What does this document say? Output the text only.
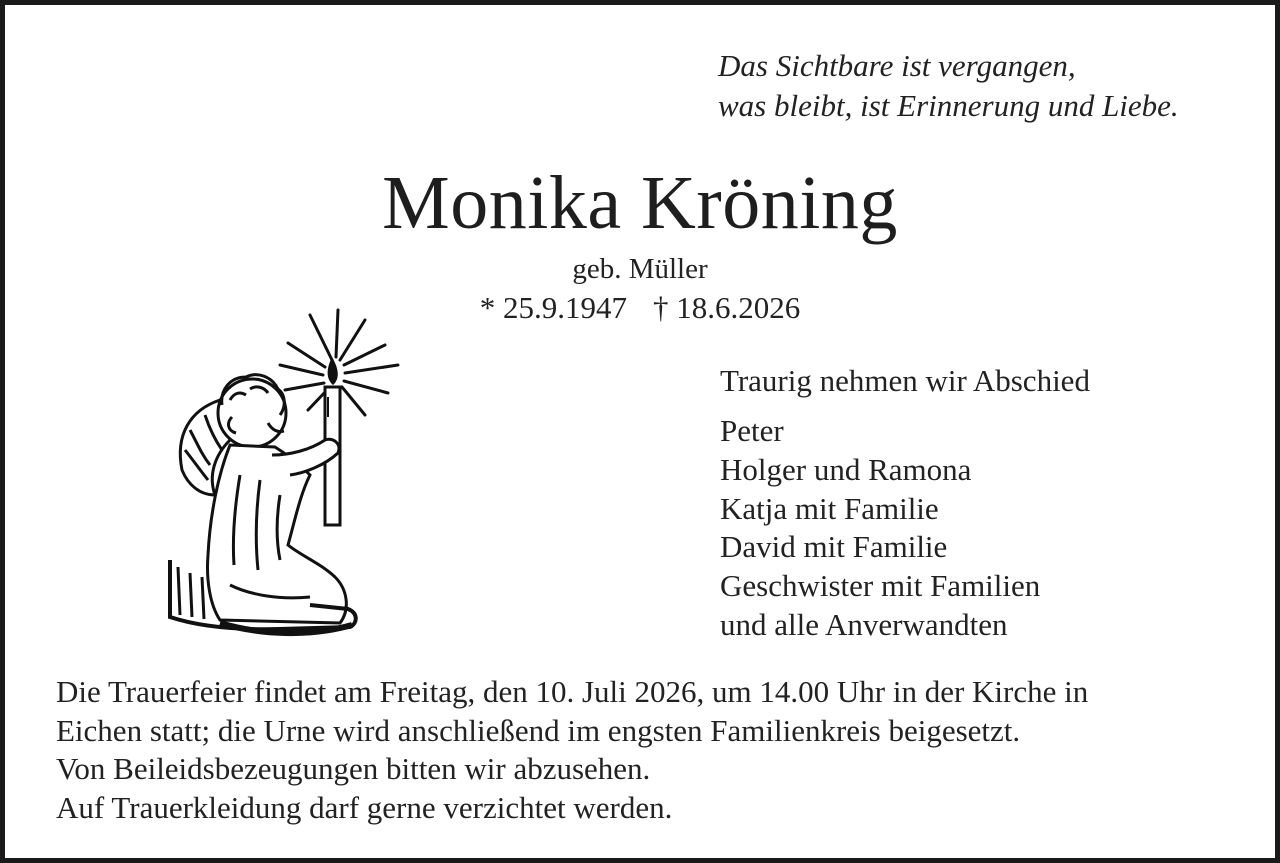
Das Sichtbare ist vergangen,
was bleibt, ist Erinnerung und Liebe.
Monika Kröning
geb. Müller
* 25.9.1947 † 18.6.2026
Traurig nehmen wir Abschied
Peter
Holger und Ramona
Katja mit Familie
David mit Familie
Geschwister mit Familien
und alle Anverwandten
Die Trauerfeier findet am Freitag, den 10. Juli 2026, um 14.00 Uhr in der Kirche in
Eichen statt; die Urne wird anschließend im engsten Familienkreis beigesetzt.
Von Beileidsbezeugungen bitten wir abzusehen.
Auf Trauerkleidung darf gerne verzichtet werden.
